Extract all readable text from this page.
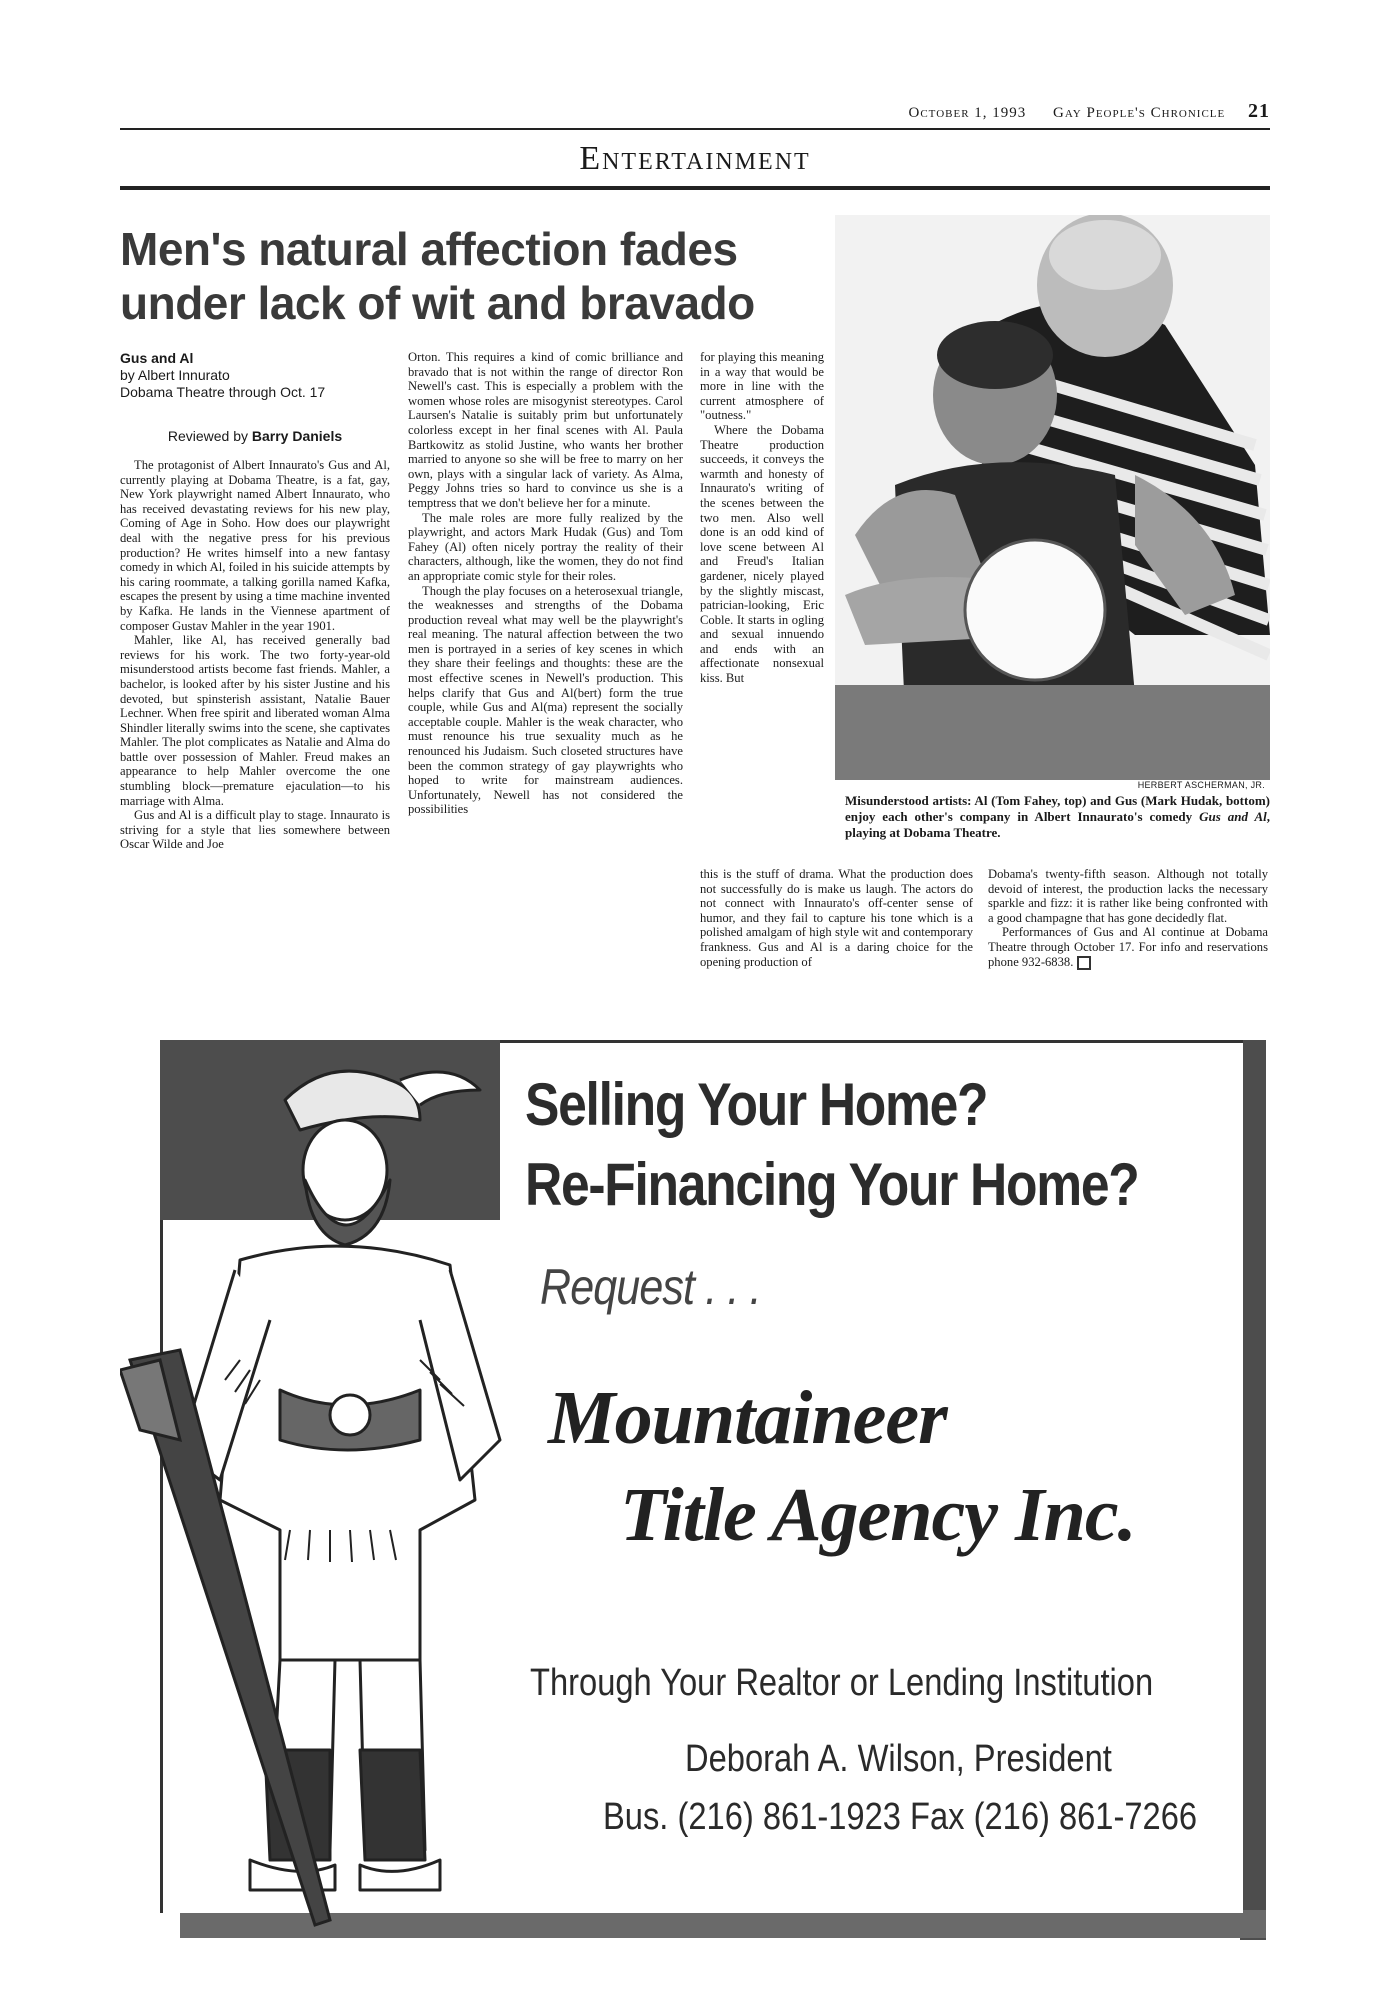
October 1, 1993 Gay People's Chronicle 21
Entertainment
Men's natural affection fades
under lack of wit and bravado
Gus and Al
by Albert Innurato
Dobama Theatre through Oct. 17
Reviewed by Barry Daniels

The protagonist of Albert Innaurato's Gus and Al, currently playing at Dobama Theatre, is a fat, gay, New York playwright named Albert Innaurato, who has received devastating reviews for his new play, Coming of Age in Soho. How does our playwright deal with the negative press for his previous production? He writes himself into a new fantasy comedy in which Al, foiled in his suicide attempts by his caring roommate, a talking gorilla named Kafka, escapes the present by using a time machine invented by Kafka. He lands in the Viennese apartment of composer Gustav Mahler in the year 1901.

Mahler, like Al, has received generally bad reviews for his work. The two forty-year-old misunderstood artists become fast friends. Mahler, a bachelor, is looked after by his sister Justine and his devoted, but spinsterish assistant, Natalie Bauer Lechner. When free spirit and liberated woman Alma Shindler literally swims into the scene, she captivates Mahler. The plot complicates as Natalie and Alma do battle over possession of Mahler. Freud makes an appearance to help Mahler overcome the one stumbling block—premature ejaculation—to his marriage with Alma.

Gus and Al is a difficult play to stage. Innaurato is striving for a style that lies somewhere between Oscar Wilde and Joe

Orton. This requires a kind of comic brilliance and bravado that is not within the range of director Ron Newell's cast. This is especially a problem with the women whose roles are misogynist stereotypes. Carol Laursen's Natalie is suitably prim but unfortunately colorless except in her final scenes with Al. Paula Bartkowitz as stolid Justine, who wants her brother married to anyone so she will be free to marry on her own, plays with a singular lack of variety. As Alma, Peggy Johns tries so hard to convince us she is a temptress that we don't believe her for a minute.

The male roles are more fully realized by the playwright, and actors Mark Hudak (Gus) and Tom Fahey (Al) often nicely portray the reality of their characters, although, like the women, they do not find an appropriate comic style for their roles.

Though the play focuses on a heterosexual triangle, the weaknesses and strengths of the Dobama production reveal what may well be the playwright's real meaning. The natural affection between the two men is portrayed in a series of key scenes in which they share their feelings and thoughts: these are the most effective scenes in Newell's production. This helps clarify that Gus and Al(bert) form the true couple, while Gus and Al(ma) represent the socially acceptable couple. Mahler is the weak character, who must renounce his true sexuality much as he renounced his Judaism. Such closeted structures have been the common strategy of gay playwrights who hoped to write for mainstream audiences. Unfortunately, Newell has not considered the possibilities

for playing this meaning in a way that would be more in line with the current atmosphere of "outness."

Where the Dobama Theatre production succeeds, it conveys the warmth and honesty of Innaurato's writing of the scenes between the two men. Also well done is an odd kind of love scene between Al and Freud's Italian gardener, nicely played by the slightly miscast, patrician-looking, Eric Coble. It starts in ogling and sexual innuendo and ends with an affectionate nonsexual kiss. But

this is the stuff of drama. What the production does not successfully do is make us laugh. The actors do not connect with Innaurato's off-center sense of humor, and they fail to capture his tone which is a polished amalgam of high style wit and contemporary frankness. Gus and Al is a daring choice for the opening production of

Dobama's twenty-fifth season. Although not totally devoid of interest, the production lacks the necessary sparkle and fizz: it is rather like being confronted with a good champagne that has gone decidedly flat.

Performances of Gus and Al continue at Dobama Theatre through October 17. For info and reservations phone 932-6838.

HERBERT ASCHERMAN, JR.
Misunderstood artists: Al (Tom Fahey, top) and Gus (Mark Hudak, bottom) enjoy each other's company in Albert Innaurato's comedy Gus and Al, playing at Dobama Theatre.
Selling Your Home?
Re-Financing Your Home?
Request . . .
Mountaineer
Title Agency Inc.
Through Your Realtor or Lending Institution
Deborah A. Wilson, President
Bus. (216) 861-1923 Fax (216) 861-7266
